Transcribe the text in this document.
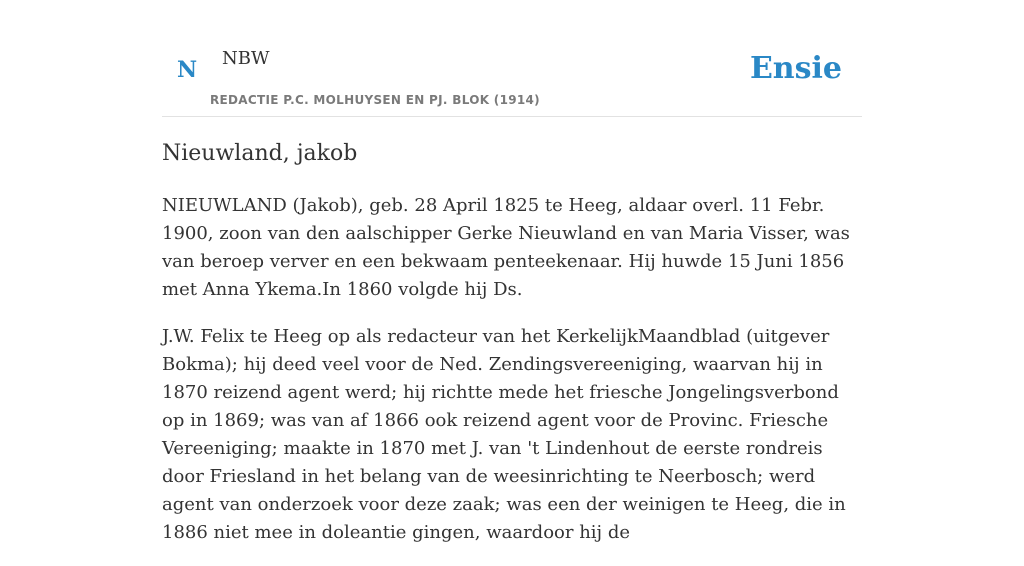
N NBW
REDACTIE P.C. MOLHUYSEN EN PJ. BLOK (1914)
Ensie
Nieuwland, jakob

NIEUWLAND (Jakob), geb. 28 April 1825 te Heeg, aldaar overl. 11 Febr. 1900, zoon van den aalschipper Gerke Nieuwland en van Maria Visser, was van beroep verver en een bekwaam penteekenaar. Hij huwde 15 Juni 1856 met Anna Ykema.In 1860 volgde hij Ds.

J.W. Felix te Heeg op als redacteur van het KerkelijkMaandblad (uitgever Bokma); hij deed veel voor de Ned. Zendingsvereeniging, waarvan hij in 1870 reizend agent werd; hij richtte mede het friesche Jongelingsverbond op in 1869; was van af 1866 ook reizend agent voor de Provinc. Friesche Vereeniging; maakte in 1870 met J. van 't Lindenhout de eerste rondreis door Friesland in het belang van de weesinrichting te Neerbosch; werd agent van onderzoek voor deze zaak; was een der weinigen te Heeg, die in 1886 niet mee in doleantie gingen, waardoor hij de
